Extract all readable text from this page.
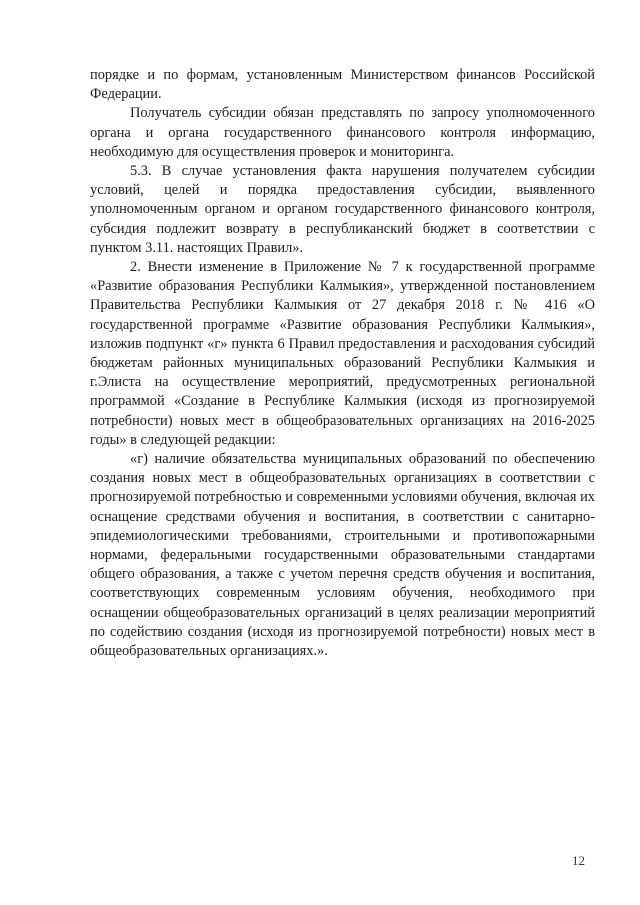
порядке и по формам, установленным Министерством финансов Российской Федерации.

Получатель субсидии обязан представлять по запросу уполномоченного органа и органа государственного финансового контроля информацию, необходимую для осуществления проверок и мониторинга.

5.3. В случае установления факта нарушения получателем субсидии условий, целей и порядка предоставления субсидии, выявленного уполномоченным органом и органом государственного финансового контроля, субсидия подлежит возврату в республиканский бюджет в соответствии с пунктом 3.11. настоящих Правил».

2. Внести изменение в Приложение № 7 к государственной программе «Развитие образования Республики Калмыкия», утвержденной постановлением Правительства Республики Калмыкия от 27 декабря 2018 г. № 416 «О государственной программе «Развитие образования Республики Калмыкия», изложив подпункт «г» пункта 6 Правил предоставления и расходования субсидий бюджетам районных муниципальных образований Республики Калмыкия и г.Элиста на осуществление мероприятий, предусмотренных региональной программой «Создание в Республике Калмыкия (исходя из прогнозируемой потребности) новых мест в общеобразовательных организациях на 2016-2025 годы» в следующей редакции:

«г) наличие обязательства муниципальных образований по обеспечению создания новых мест в общеобразовательных организациях в соответствии с прогнозируемой потребностью и современными условиями обучения, включая их оснащение средствами обучения и воспитания, в соответствии с санитарно-эпидемиологическими требованиями, строительными и противопожарными нормами, федеральными государственными образовательными стандартами общего образования, а также с учетом перечня средств обучения и воспитания, соответствующих современным условиям обучения, необходимого при оснащении общеобразовательных организаций в целях реализации мероприятий по содействию создания (исходя из прогнозируемой потребности) новых мест в общеобразовательных организациях.».

12
